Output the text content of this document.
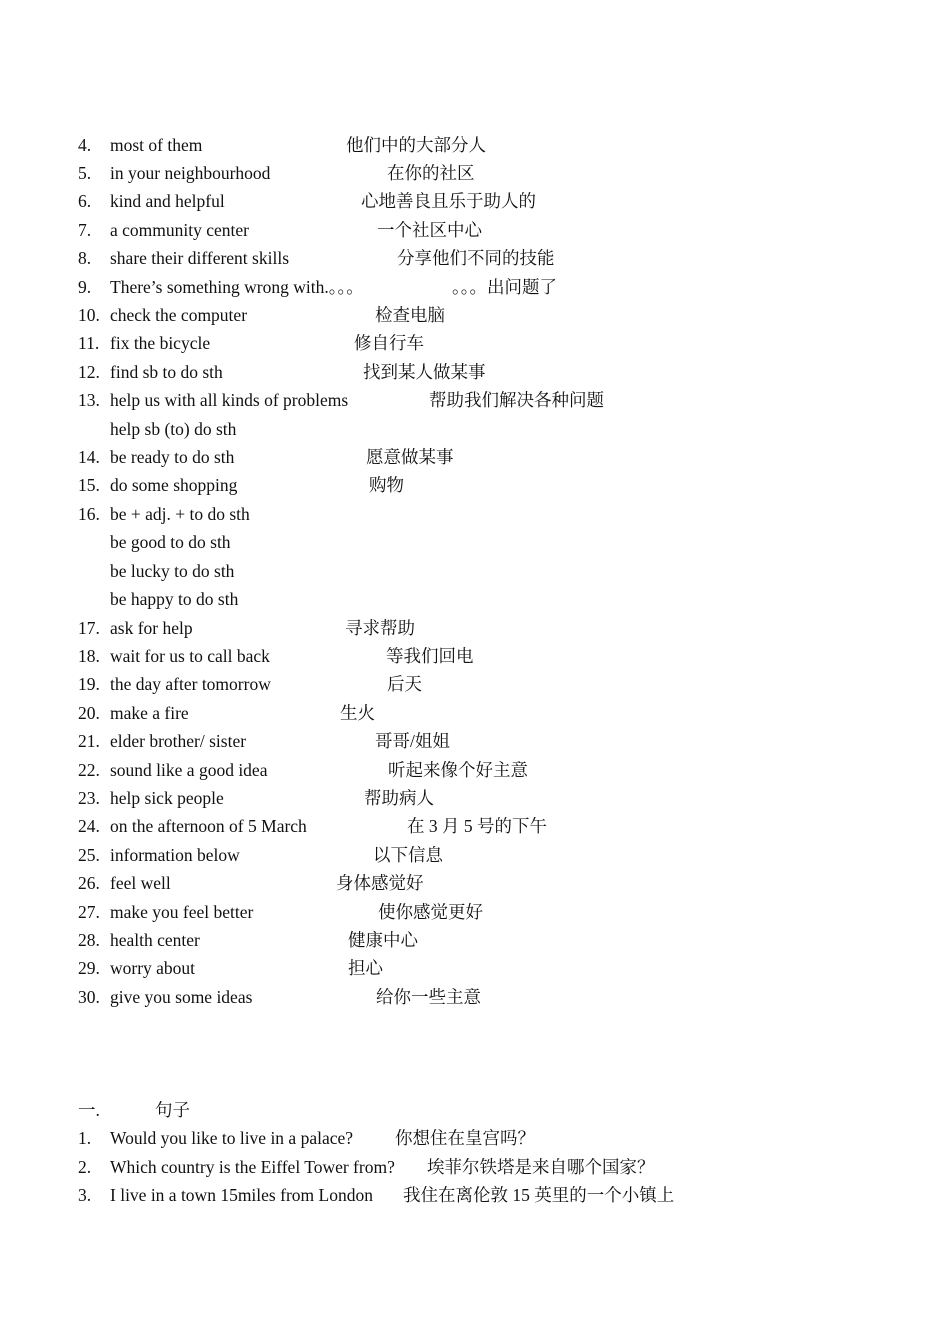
4. most of them	他们中的大部分人
5. in your neighbourhood	在你的社区
6. kind and helpful	心地善良且乐于助人的
7. a community center	一个社区中心
8. share their different skills	分享他们不同的技能
9. There’s something wrong with.。。。	。。。出问题了
10. check the computer	检查电脑
11. fix the bicycle	修自行车
12. find sb to do sth	找到某人做某事
13. help us with all kinds of problems	帮助我们解决各种问题
help sb (to) do sth
14. be ready to do sth	愿意做某事
15. do some shopping	购物
16. be + adj. + to do sth
be good to do sth
be lucky to do sth
be happy to do sth
17. ask for help	寻求帮助
18. wait for us to call back	等我们回电
19. the day after tomorrow	后天
20. make a fire	生火
21. elder brother/ sister	哥哥/姐姐
22. sound like a good idea	听起来像个好主意
23. help sick people	帮助病人
24. on the afternoon of 5 March	在 3 月 5 号的下午
25. information below	以下信息
26. feel well	身体感觉好
27. make you feel better	使你感觉更好
28. health center	健康中心
29. worry about	担心
30. give you some ideas	给你一些主意
一.	句子
1. Would you like to live in a palace? 你想住在皇宫吗？
2. Which country is the Eiffel Tower from? 埃菲尔铁塔是来自哪个国家？
3. I live in a town 15miles from London 我住在离伦敦 15 英里的一个小镇上
